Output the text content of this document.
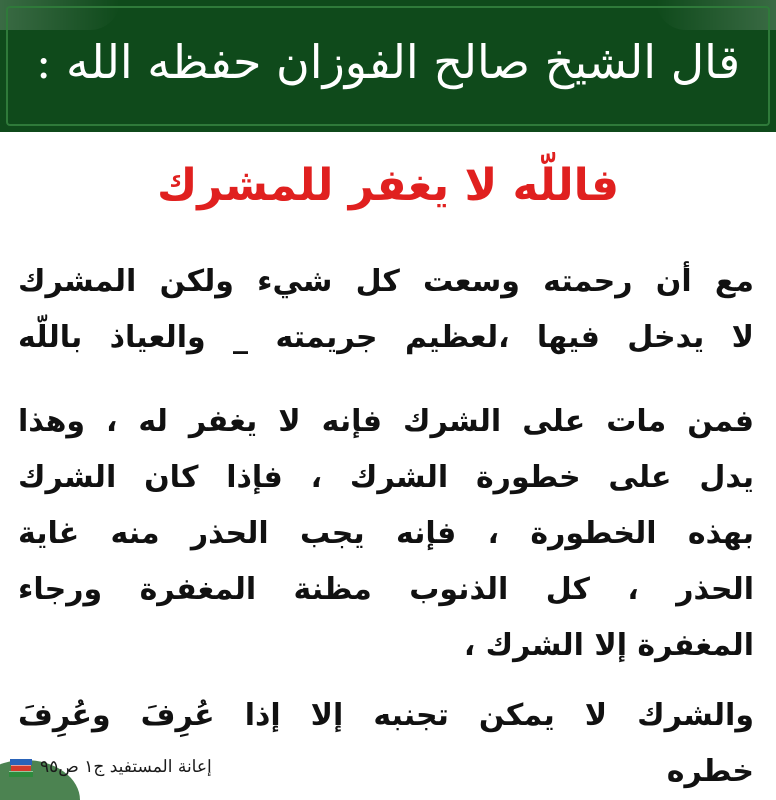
قال الشيخ صالح الفوزان حفظه الله :
فاللّه لا يغفر للمشرك
مع أن رحمته وسعت كل شيء ولكن المشرك
لا يدخل فيها ،لعظيم جريمته _ والعياذ باللّه
فمن مات على الشرك فإنه لا يغفر له ، وهذا
يدل على خطورة الشرك ، فإذا كان الشرك
بهذه الخطورة ، فإنه يجب الحذر منه غاية
الحذر ، كل الذنوب مظنة المغفرة ورجاء
المغفرة إلا الشرك ،
والشرك لا يمكن تجنبه إلا إذا عُرِفَ وعُرِفَ
خطره
إعانة المستفيد ج١ ص٩٥
